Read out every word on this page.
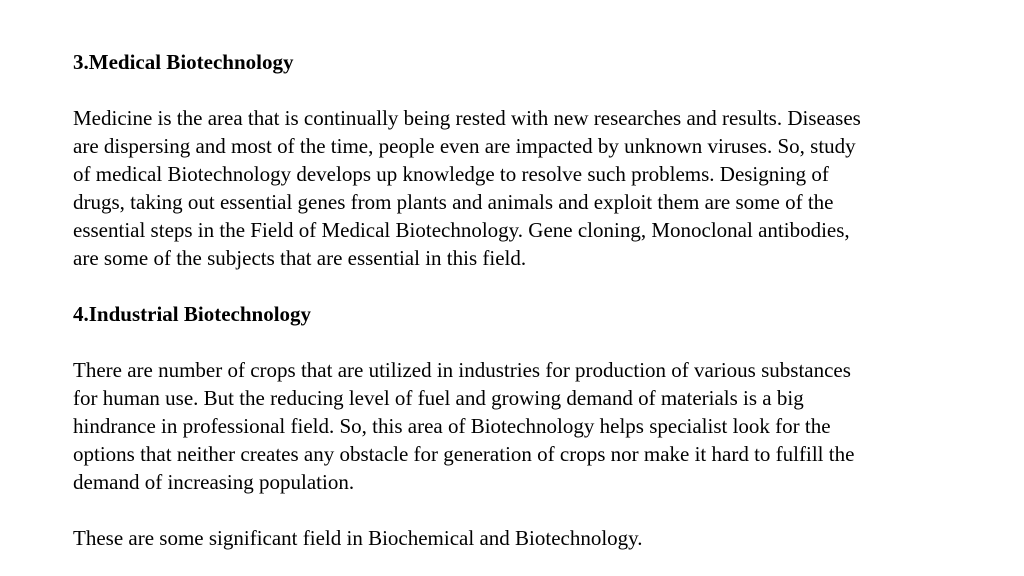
3.Medical Biotechnology
Medicine is the area that is continually being rested with new researches and results. Diseases
are dispersing and most of the time, people even are impacted by unknown viruses. So, study
of medical Biotechnology develops up knowledge to resolve such problems. Designing of
drugs, taking out essential genes from plants and animals and exploit them are some of the
essential steps in the Field of Medical Biotechnology. Gene cloning, Monoclonal antibodies,
are some of the subjects that are essential in this field.
4.Industrial Biotechnology
There are number of crops that are utilized in industries for production of various substances
for human use. But the reducing level of fuel and growing demand of materials is a big
hindrance in professional field. So, this area of Biotechnology helps specialist look for the
options that neither creates any obstacle for generation of crops nor make it hard to fulfill the
demand of increasing population.

These are some significant field in Biochemical and Biotechnology.
